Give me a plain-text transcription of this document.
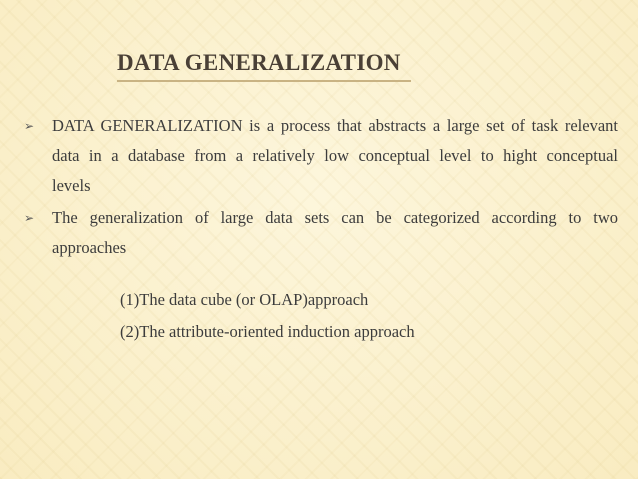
DATA GENERALIZATION
➢ DATA GENERALIZATION is a process that abstracts a large set of task relevant data in a database from a relatively low conceptual level to hight conceptual levels
➢ The generalization of large data sets can be categorized according to two approaches
(1)The data cube (or OLAP)approach
(2)The attribute-oriented induction approach
